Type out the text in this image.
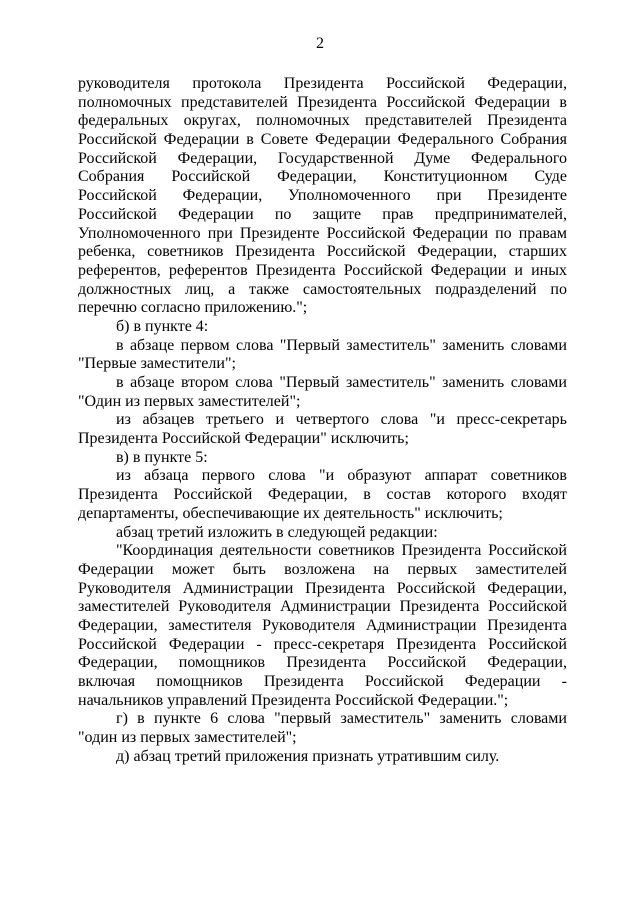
2
руководителя протокола Президента Российской Федерации,
полномочных представителей Президента Российской Федерации в
федеральных округах, полномочных представителей Президента
Российской Федерации в Совете Федерации Федерального Собрания
Российской Федерации, Государственной Думе Федерального
Собрания Российской Федерации, Конституционном Суде
Российской Федерации, Уполномоченного при Президенте
Российской Федерации по защите прав предпринимателей,
Уполномоченного при Президенте Российской Федерации по правам
ребенка, советников Президента Российской Федерации, старших
референтов, референтов Президента Российской Федерации и иных
должностных лиц, а также самостоятельных подразделений по
перечню согласно приложению.";
б) в пункте 4:
в абзаце первом слова "Первый заместитель" заменить словами
"Первые заместители";
в абзаце втором слова "Первый заместитель" заменить словами
"Один из первых заместителей";
из абзацев третьего и четвертого слова "и пресс-секретарь
Президента Российской Федерации" исключить;
в) в пункте 5:
из абзаца первого слова "и образуют аппарат советников
Президента Российской Федерации, в состав которого входят
департаменты, обеспечивающие их деятельность" исключить;
абзац третий изложить в следующей редакции:
"Координация деятельности советников Президента Российской
Федерации может быть возложена на первых заместителей
Руководителя Администрации Президента Российской Федерации,
заместителей Руководителя Администрации Президента Российской
Федерации, заместителя Руководителя Администрации Президента
Российской Федерации - пресс-секретаря Президента Российской
Федерации, помощников Президента Российской Федерации,
включая помощников Президента Российской Федерации -
начальников управлений Президента Российской Федерации.";
г) в пункте 6 слова "первый заместитель" заменить словами
"один из первых заместителей";
д) абзац третий приложения признать утратившим силу.
